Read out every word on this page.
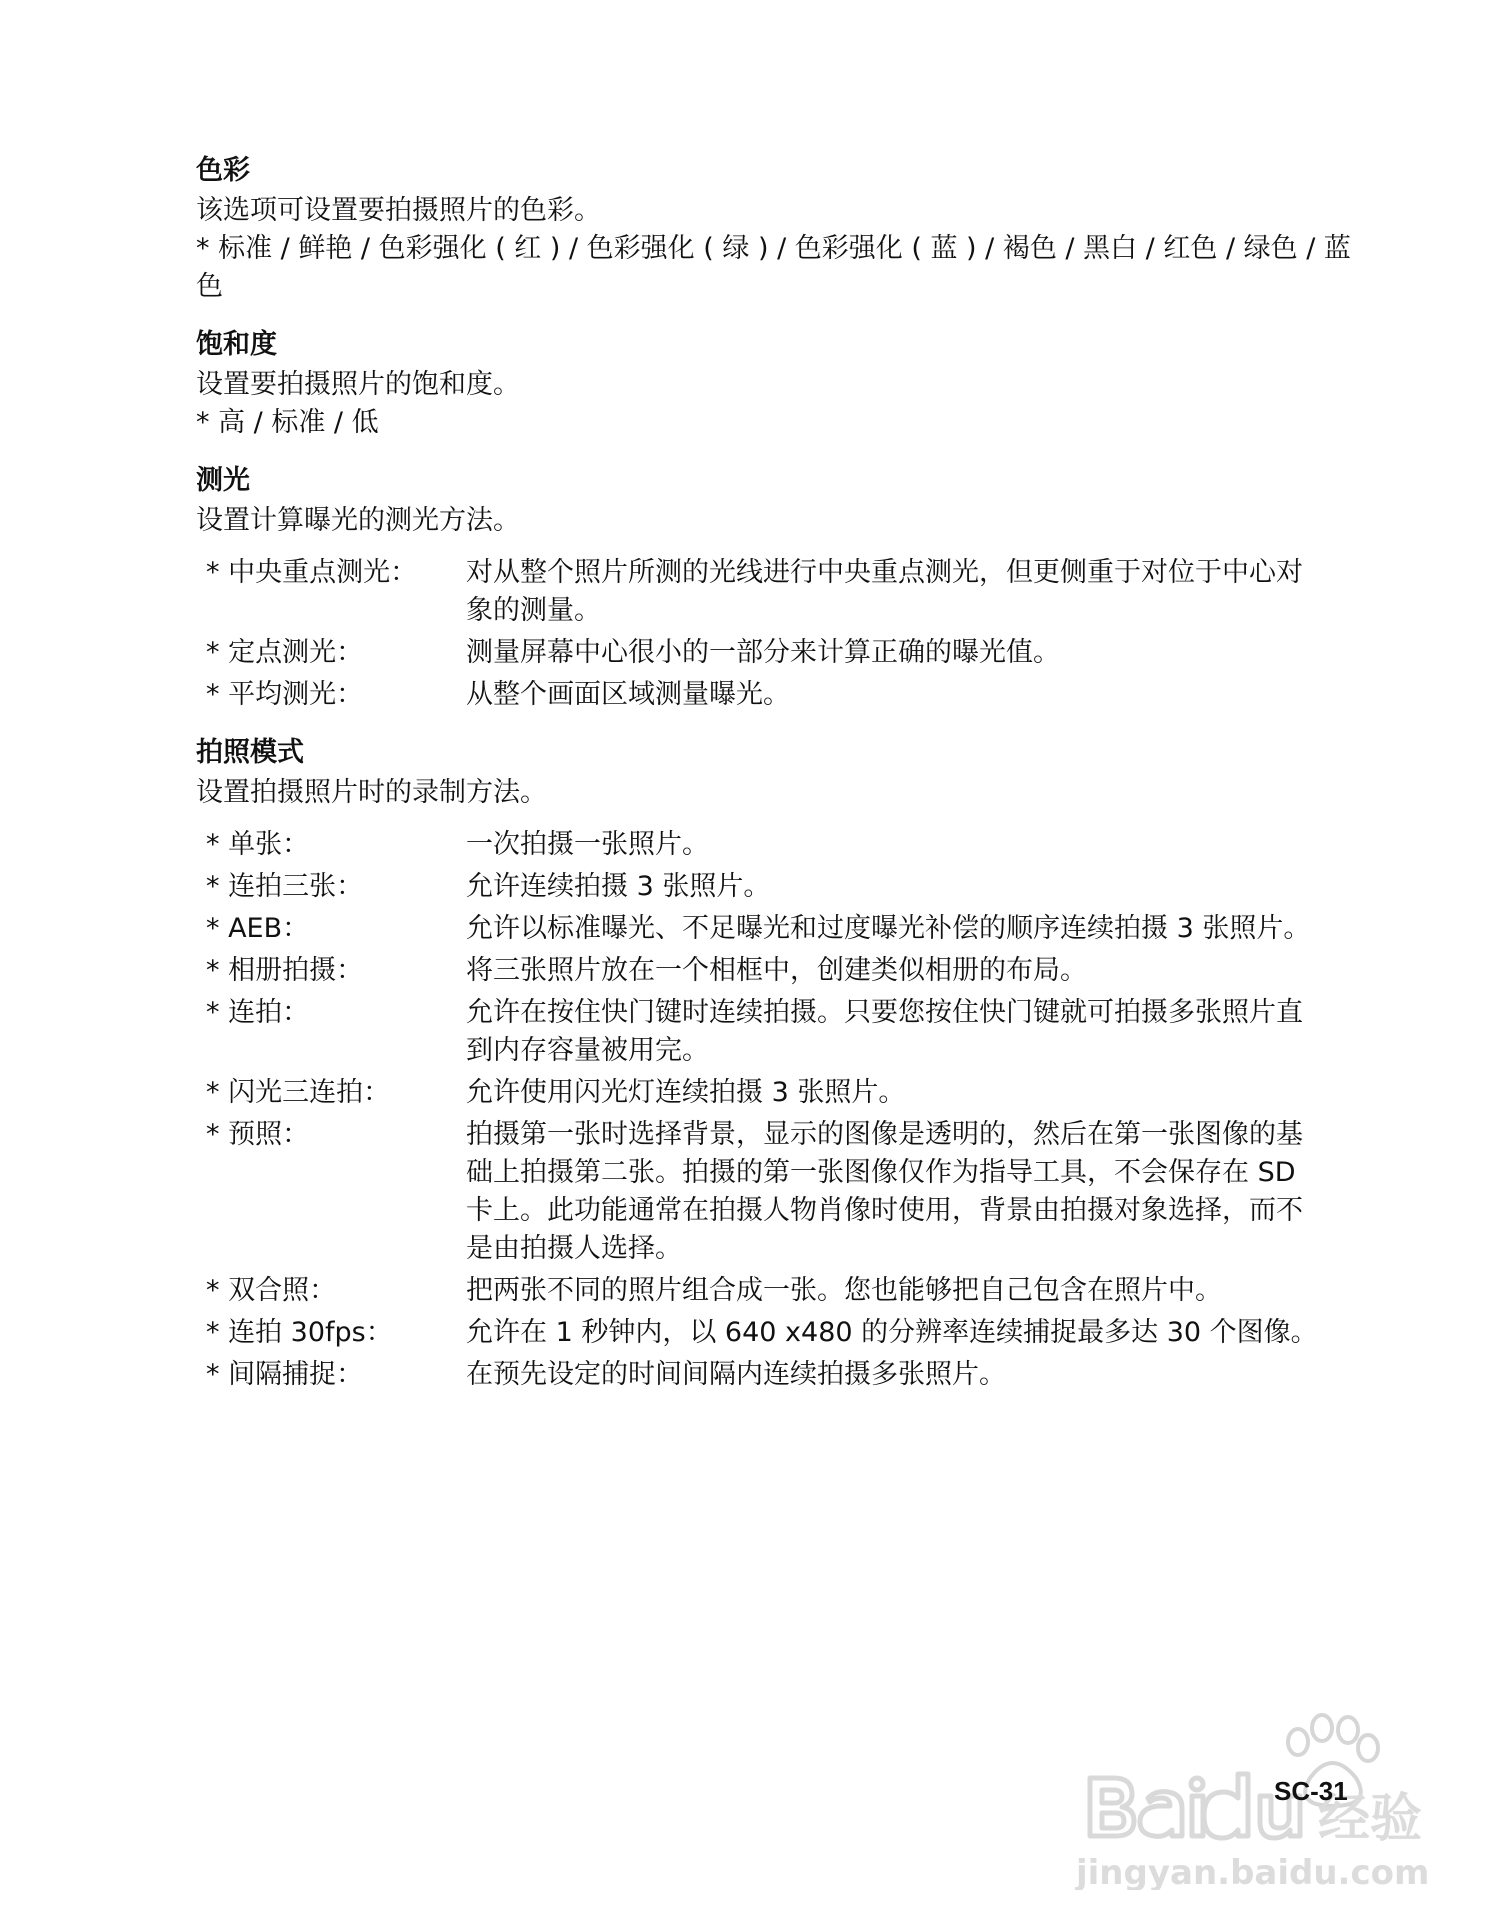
色彩

该选项可设置要拍摄照片的色彩。

* 标准 / 鲜艳 / 色彩强化 ( 红 ) / 色彩强化 ( 绿 ) / 色彩强化 ( 蓝 ) / 褐色 / 黑白 / 红色 / 绿色 / 蓝色

饱和度

设置要拍摄照片的饱和度。

* 高 / 标准 / 低

测光

设置计算曝光的测光方法。

* 中央重点测光：	对从整个照片所测的光线进行中央重点测光，但更侧重于对位于中心对象的测量。
* 定点测光：	测量屏幕中心很小的一部分来计算正确的曝光值。
* 平均测光：	从整个画面区域测量曝光。
拍照模式

设置拍摄照片时的录制方法。

* 单张：	一次拍摄一张照片。
* 连拍三张：	允许连续拍摄 3 张照片。
* AEB：	允许以标准曝光、不足曝光和过度曝光补偿的顺序连续拍摄 3 张照片。
* 相册拍摄：	将三张照片放在一个相框中，创建类似相册的布局。
* 连拍：	允许在按住快门键时连续拍摄。只要您按住快门键就可拍摄多张照片直到内存容量被用完。
* 闪光三连拍：	允许使用闪光灯连续拍摄 3 张照片。
* 预照：	拍摄第一张时选择背景，显示的图像是透明的，然后在第一张图像的基础上拍摄第二张。拍摄的第一张图像仅作为指导工具，不会保存在 SD 卡上。此功能通常在拍摄人物肖像时使用，背景由拍摄对象选择，而不是由拍摄人选择。
* 双合照：	把两张不同的照片组合成一张。您也能够把自己包含在照片中。
* 连拍 30fps：	允许在 1 秒钟内，以 640 x480 的分辨率连续捕捉最多达 30 个图像。
* 间隔捕捉：	在预先设定的时间间隔内连续拍摄多张照片。
经验
jingyan.baidu.com
SC-31
